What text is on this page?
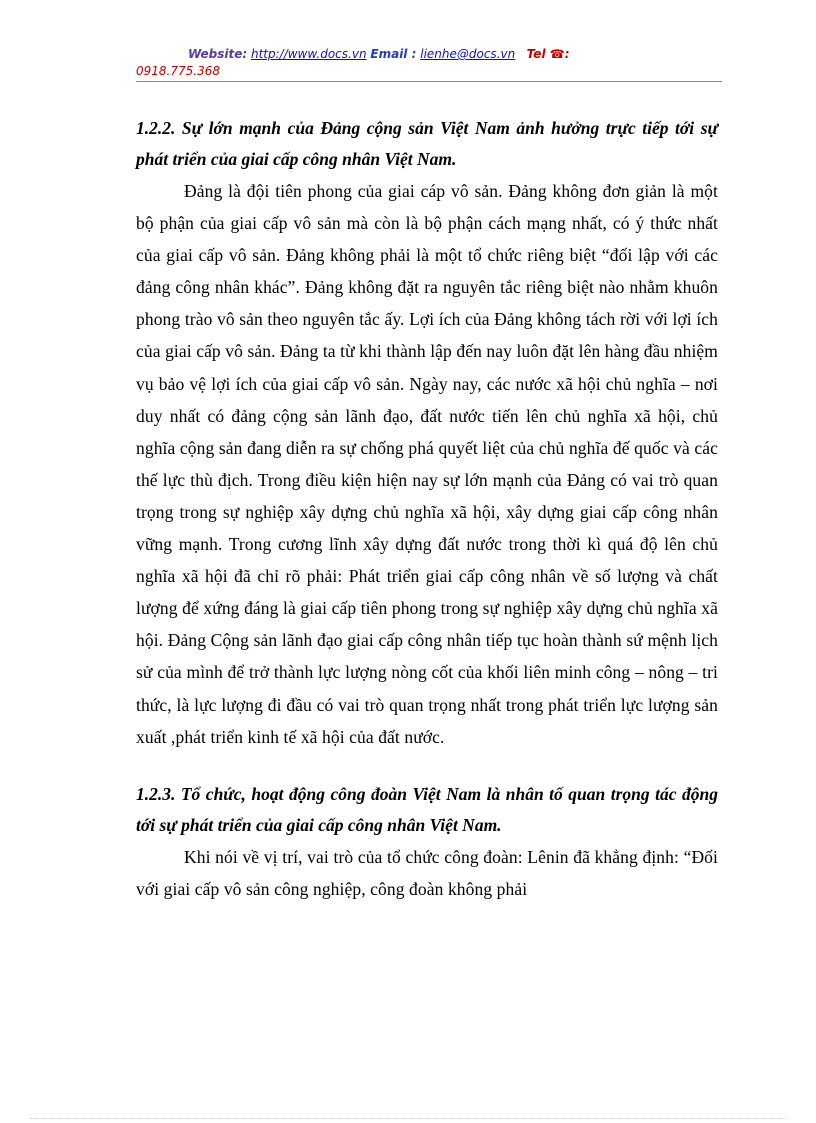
Website: http://www.docs.vn Email : lienhe@docs.vn Tel ☎:
0918.775.368

1.2.2. Sự lớn mạnh của Đảng cộng sản Việt Nam ảnh hưởng trực tiếp tới sự phát triển của giai cấp công nhân Việt Nam.

Đảng là đội tiên phong của giai cáp vô sản. Đảng không đơn giản là một bộ phận của giai cấp vô sản mà còn là bộ phận cách mạng nhất, có ý thức nhất của giai cấp vô sản. Đảng không phải là một tổ chức riêng biệt “đối lập với các đảng công nhân khác”. Đảng không đặt ra nguyên tắc riêng biệt nào nhằm khuôn phong trào vô sản theo nguyên tắc ấy. Lợi ích của Đảng không tách rời với lợi ích của giai cấp vô sản. Đảng ta từ khi thành lập đến nay luôn đặt lên hàng đầu nhiệm vụ bảo vệ lợi ích của giai cấp vô sản. Ngày nay, các nước xã hội chủ nghĩa – nơi duy nhất có đảng cộng sản lãnh đạo, đất nước tiến lên chủ nghĩa xã hội, chủ nghĩa cộng sản đang diễn ra sự chống phá quyết liệt của chủ nghĩa đế quốc và các thế lực thù địch. Trong điều kiện hiện nay sự lớn mạnh của Đảng có vai trò quan trọng trong sự nghiệp xây dựng chủ nghĩa xã hội, xây dựng giai cấp công nhân vững mạnh. Trong cương lĩnh xây dựng đất nước trong thời kì quá độ lên chủ nghĩa xã hội đã chỉ rõ phải: Phát triển giai cấp công nhân về số lượng và chất lượng để xứng đáng là giai cấp tiên phong trong sự nghiệp xây dựng chủ nghĩa xã hội. Đảng Cộng sản lãnh đạo giai cấp công nhân tiếp tục hoàn thành sứ mệnh lịch sử của mình để trở thành lực lượng nòng cốt của khối liên minh công – nông – tri thức, là lực lượng đi đầu có vai trò quan trọng nhất trong phát triển lực lượng sản xuất ,phát triển kinh tế xã hội của đất nước.

1.2.3. Tổ chức, hoạt động công đoàn Việt Nam là nhân tố quan trọng tác động tới sự phát triển của giai cấp công nhân Việt Nam.

Khi nói về vị trí, vai trò của tổ chức công đoàn: Lênin đã khẳng định: “Đối với giai cấp vô sản công nghiệp, công đoàn không phải
